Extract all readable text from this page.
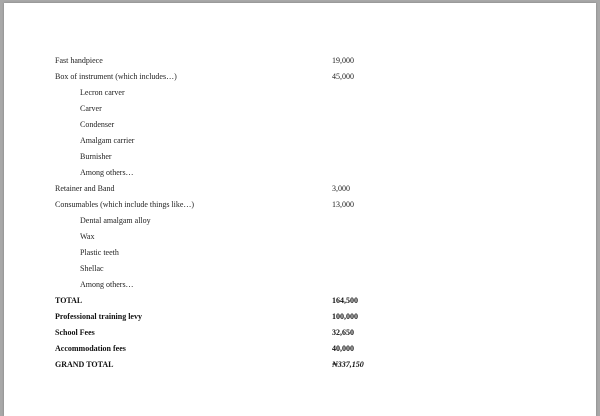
Fast handpiece	19,000
Box of instrument (which includes…)	45,000
Lecron carver
Carver
Condenser
Amalgam carrier
Burnisher
Among others…
Retainer and Band	3,000
Consumables (which include things like…)	13,000
Dental amalgam alloy
Wax
Plastic teeth
Shellac
Among others…
TOTAL	164,500
Professional training levy	100,000
School Fees	32,650
Accommodation fees	40,000
GRAND TOTAL	₦337,150
